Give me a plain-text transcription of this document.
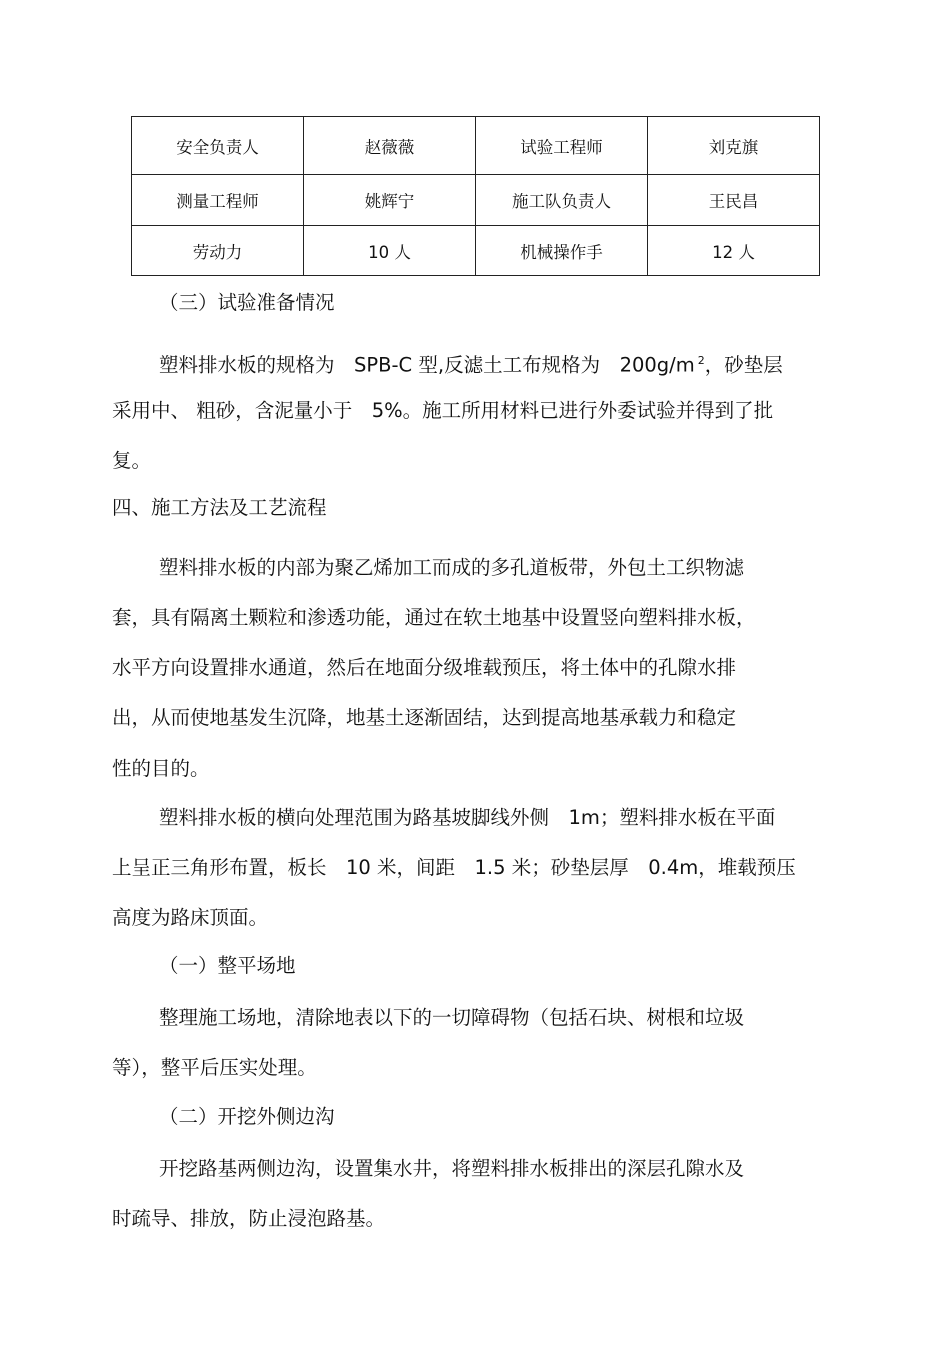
安全负责人	赵薇薇	试验工程师	刘克旗
测量工程师	姚辉宁	施工队负责人	王民昌
劳动力	10 人	机械操作手	12 人

（三）试验准备情况

塑料排水板的规格为　SPB-C 型,反滤土工布规格为　200g/m $^2$，砂垫层

采用中、 粗砂，含泥量小于　5%。施工所用材料已进行外委试验并得到了批

复。

四、施工方法及工艺流程

塑料排水板的内部为聚乙烯加工而成的多孔道板带，外包土工织物滤

套，具有隔离土颗粒和渗透功能，通过在软土地基中设置竖向塑料排水板，

水平方向设置排水通道，然后在地面分级堆载预压，将土体中的孔隙水排

出，从而使地基发生沉降，地基土逐渐固结，达到提高地基承载力和稳定

性的目的。

塑料排水板的横向处理范围为路基坡脚线外侧　1m；塑料排水板在平面

上呈正三角形布置，板长　10 米，间距　1.5 米；砂垫层厚　0.4m，堆载预压

高度为路床顶面。

（一）整平场地

整理施工场地，清除地表以下的一切障碍物（包括石块、树根和垃圾

等），整平后压实处理。

（二）开挖外侧边沟

开挖路基两侧边沟，设置集水井，将塑料排水板排出的深层孔隙水及

时疏导、排放，防止浸泡路基。
